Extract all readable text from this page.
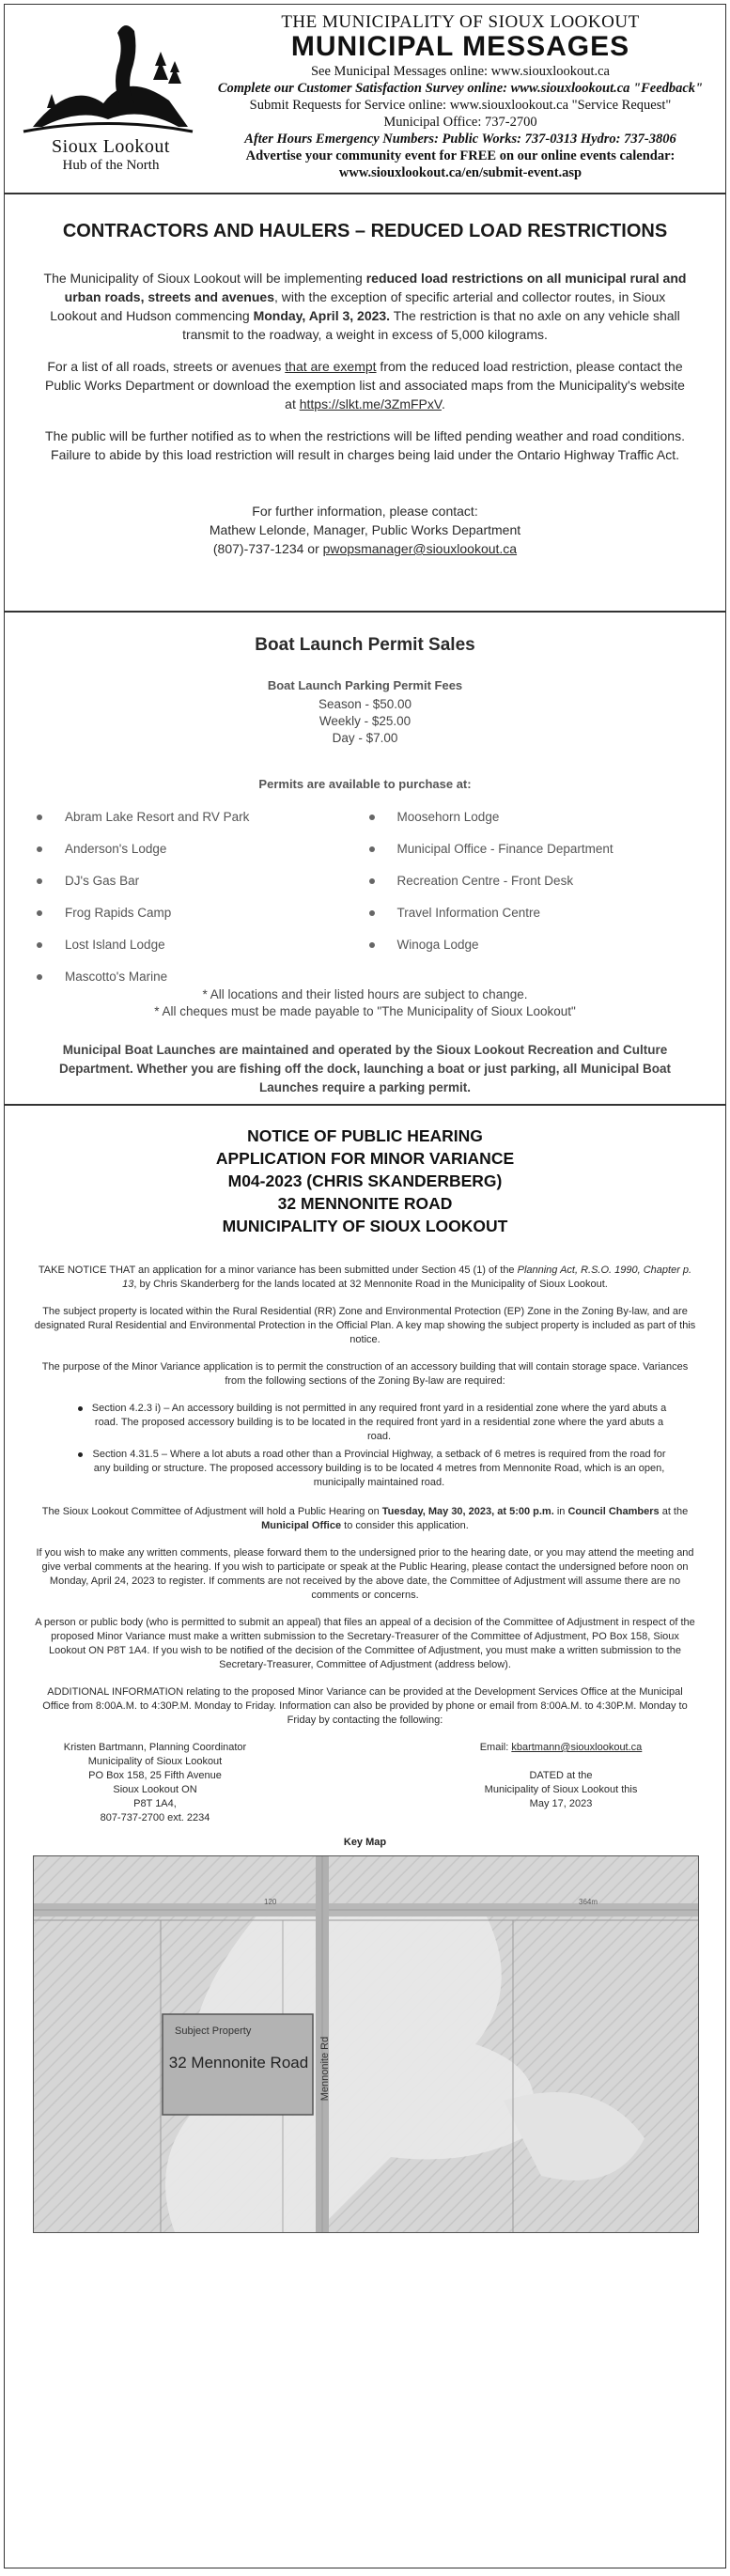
Sioux Lookout
Hub of the North
THE MUNICIPALITY OF SIOUX LOOKOUT
MUNICIPAL MESSAGES
See Municipal Messages online: www.siouxlookout.ca
Complete our Customer Satisfaction Survey online: www.siouxlookout.ca "Feedback"
Submit Requests for Service online: www.siouxlookout.ca "Service Request"
Municipal Office: 737-2700
After Hours Emergency Numbers: Public Works: 737-0313 Hydro: 737-3806
Advertise your community event for FREE on our online events calendar:
www.siouxlookout.ca/en/submit-event.asp
CONTRACTORS AND HAULERS – REDUCED LOAD RESTRICTIONS

The Municipality of Sioux Lookout will be implementing reduced load restrictions on all municipal rural and urban roads, streets and avenues, with the exception of specific arterial and collector routes, in Sioux Lookout and Hudson commencing Monday, April 3, 2023. The restriction is that no axle on any vehicle shall transmit to the roadway, a weight in excess of 5,000 kilograms.

For a list of all roads, streets or avenues that are exempt from the reduced load restriction, please contact the Public Works Department or download the exemption list and associated maps from the Municipality's website at https://slkt.me/3ZmFPxV.

The public will be further notified as to when the restrictions will be lifted pending weather and road conditions. Failure to abide by this load restriction will result in charges being laid under the Ontario Highway Traffic Act.

For further information, please contact:

Mathew Lelonde, Manager, Public Works Department

(807)-737-1234 or pwopsmanager@siouxlookout.ca

Boat Launch Permit Sales
Boat Launch Parking Permit Fees
Season - $50.00
Weekly - $25.00
Day - $7.00
Permits are available to purchase at:
Abram Lake Resort and RV Park
Anderson's Lodge
DJ's Gas Bar
Frog Rapids Camp
Lost Island Lodge
Mascotto's Marine
Moosehorn Lodge
Municipal Office - Finance Department
Recreation Centre - Front Desk
Travel Information Centre
Winoga Lodge
* All locations and their listed hours are subject to change.
* All cheques must be made payable to "The Municipality of Sioux Lookout"
Municipal Boat Launches are maintained and operated by the Sioux Lookout Recreation and Culture Department. Whether you are fishing off the dock, launching a boat or just parking, all Municipal Boat Launches require a parking permit.
NOTICE OF PUBLIC HEARING
APPLICATION FOR MINOR VARIANCE
M04-2023 (CHRIS SKANDERBERG)
32 MENNONITE ROAD
MUNICIPALITY OF SIOUX LOOKOUT

TAKE NOTICE THAT an application for a minor variance has been submitted under Section 45 (1) of the Planning Act, R.S.O. 1990, Chapter p. 13, by Chris Skanderberg for the lands located at 32 Mennonite Road in the Municipality of Sioux Lookout.

The subject property is located within the Rural Residential (RR) Zone and Environmental Protection (EP) Zone in the Zoning By-law, and are designated Rural Residential and Environmental Protection in the Official Plan. A key map showing the subject property is included as part of this notice.

The purpose of the Minor Variance application is to permit the construction of an accessory building that will contain storage space. Variances from the following sections of the Zoning By-law are required:

Section 4.2.3 i) – An accessory building is not permitted in any required front yard in a residential zone where the yard abuts a road. The proposed accessory building is to be located in the required front yard in a residential zone where the yard abuts a road.
Section 4.31.5 – Where a lot abuts a road other than a Provincial Highway, a setback of 6 metres is required from the road for any building or structure. The proposed accessory building is to be located 4 metres from Mennonite Road, which is an open, municipally maintained road.

The Sioux Lookout Committee of Adjustment will hold a Public Hearing on Tuesday, May 30, 2023, at 5:00 p.m. in Council Chambers at the Municipal Office to consider this application.

If you wish to make any written comments, please forward them to the undersigned prior to the hearing date, or you may attend the meeting and give verbal comments at the hearing. If you wish to participate or speak at the Public Hearing, please contact the undersigned before noon on Monday, April 24, 2023 to register. If comments are not received by the above date, the Committee of Adjustment will assume there are no comments or concerns.

A person or public body (who is permitted to submit an appeal) that files an appeal of a decision of the Committee of Adjustment in respect of the proposed Minor Variance must make a written submission to the Secretary-Treasurer of the Committee of Adjustment, PO Box 158, Sioux Lookout ON P8T 1A4. If you wish to be notified of the decision of the Committee of Adjustment, you must make a written submission to the Secretary-Treasurer, Committee of Adjustment (address below).

ADDITIONAL INFORMATION relating to the proposed Minor Variance can be provided at the Development Services Office at the Municipal Office from 8:00A.M. to 4:30P.M. Monday to Friday. Information can also be provided by phone or email from 8:00A.M. to 4:30P.M. Monday to Friday by contacting the following:

Kristen Bartmann, Planning Coordinator
Municipality of Sioux Lookout
PO Box 158, 25 Fifth Avenue
Sioux Lookout ON
P8T 1A4,
807-737-2700 ext. 2234
Email: kbartmann@siouxlookout.ca
DATED at the
Municipality of Sioux Lookout this
May 17, 2023
Key Map
120	364m
Subject Property
32 Mennonite Road	Mennonite Rd
